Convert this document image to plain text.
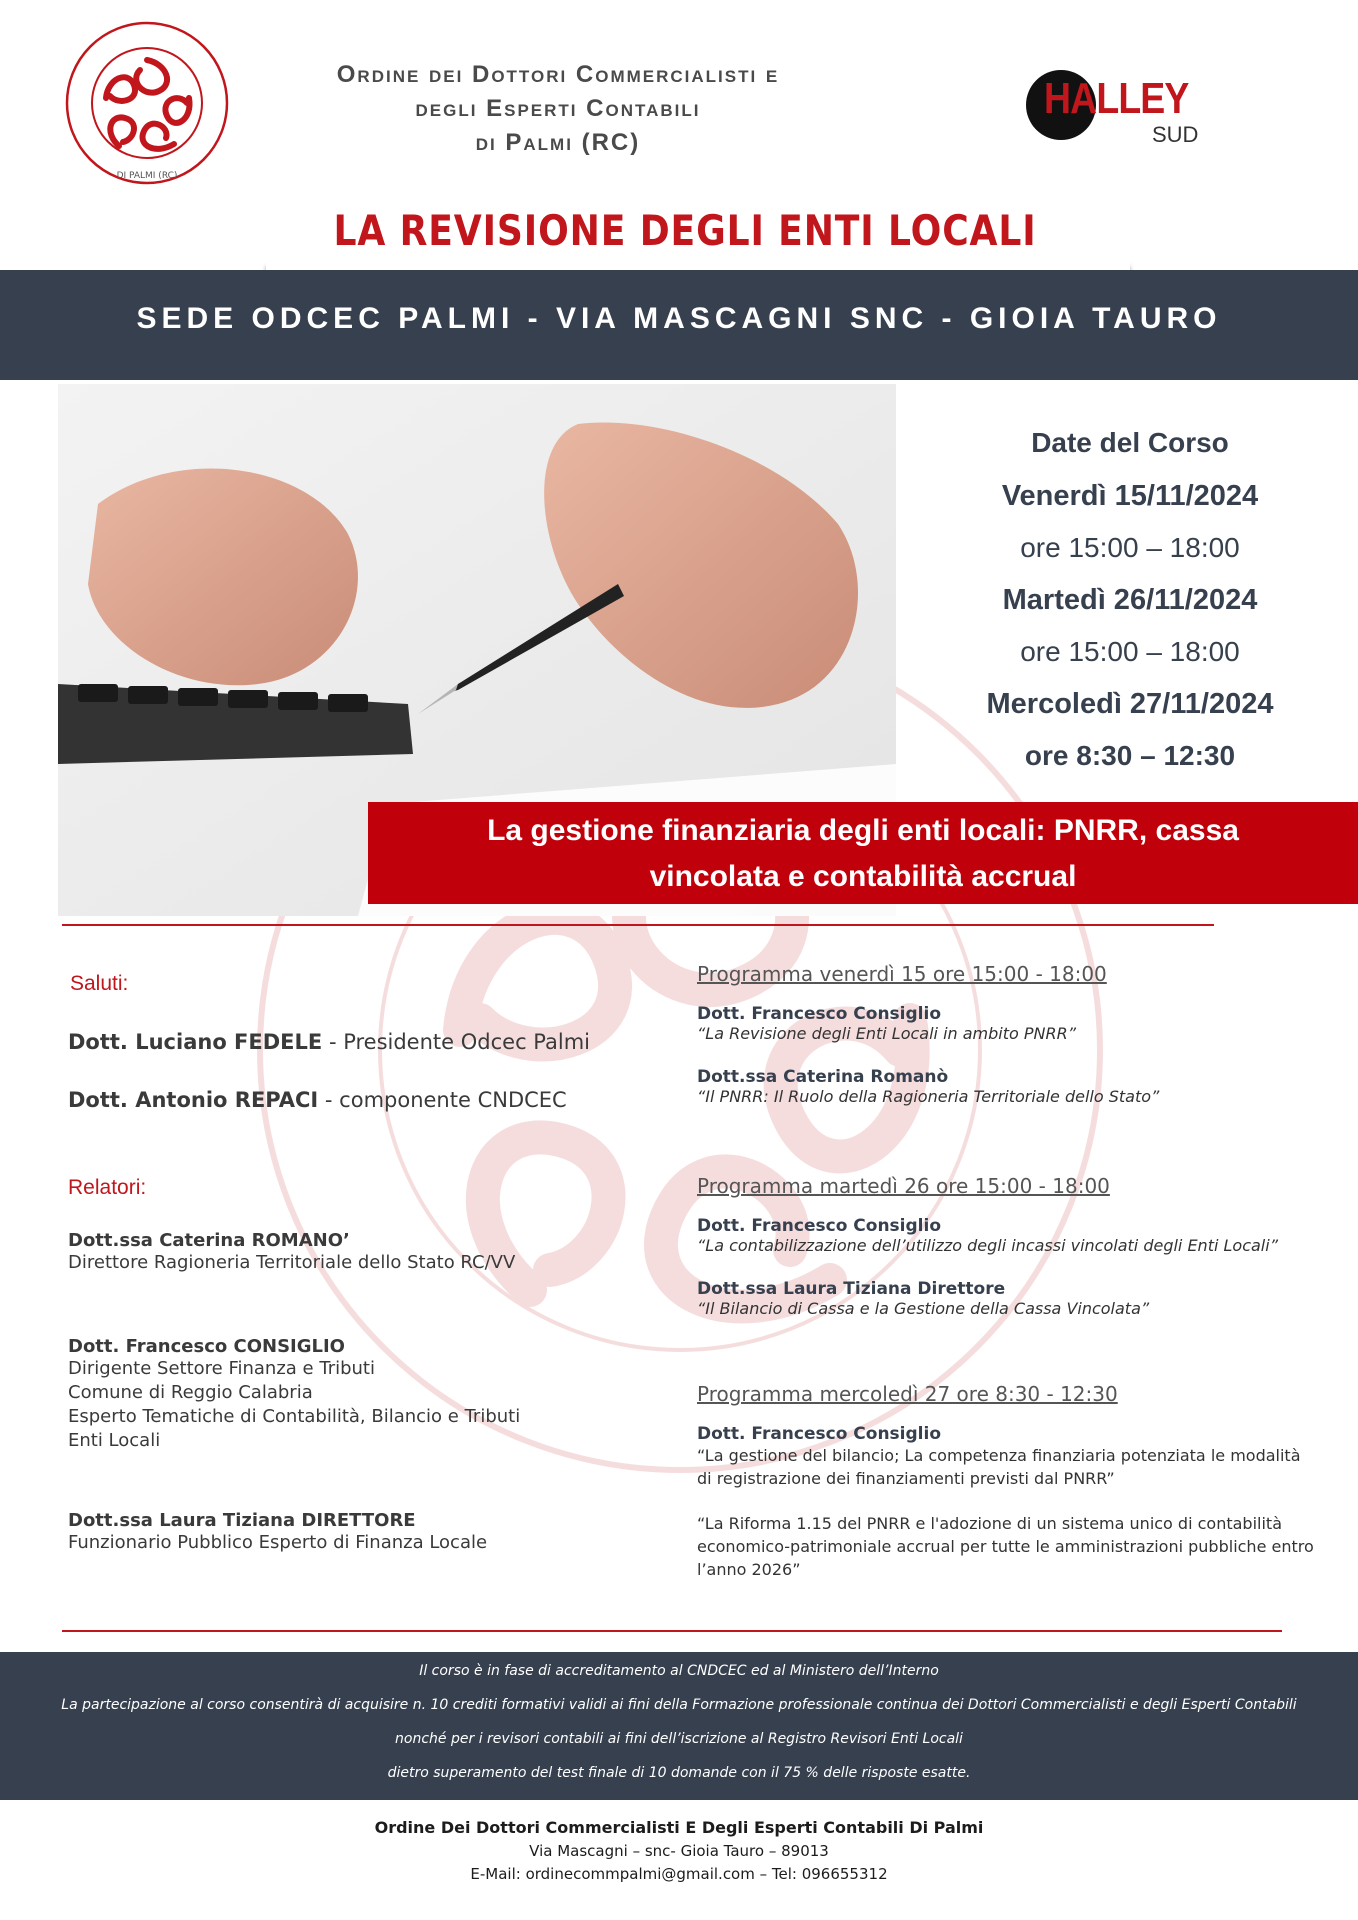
DI PALMI (RC)
Ordine dei Dottori Commercialisti e
degli Esperti Contabili
di Palmi (RC)
HALLEY
SUD
LA REVISIONE DEGLI ENTI LOCALI
SEDE ODCEC PALMI - VIA MASCAGNI SNC - GIOIA TAURO
Date del Corso
Venerdì 15/11/2024
ore 15:00 – 18:00
Martedì 26/11/2024
ore 15:00 – 18:00
Mercoledì 27/11/2024
ore 8:30 – 12:30
La gestione finanziaria degli enti locali: PNRR, cassa
vincolata e contabilità accrual
Saluti:
Dott. Luciano FEDELE - Presidente Odcec Palmi
Dott. Antonio REPACI - componente CNDCEC
Relatori:
Dott.ssa Caterina ROMANO’
Direttore Ragioneria Territoriale dello Stato RC/VV
Dott. Francesco CONSIGLIO
Dirigente Settore Finanza e Tributi
Comune di Reggio Calabria
Esperto Tematiche di Contabilità, Bilancio e Tributi
Enti Locali
Dott.ssa Laura Tiziana DIRETTORE
Funzionario Pubblico Esperto di Finanza Locale
Programma venerdì 15 ore 15:00 - 18:00
Dott. Francesco Consiglio
“La Revisione degli Enti Locali in ambito PNRR”
Dott.ssa Caterina Romanò
“Il PNRR: Il Ruolo della Ragioneria Territoriale dello Stato”
Programma martedì 26 ore 15:00 - 18:00
Dott. Francesco Consiglio
“La contabilizzazione dell’utilizzo degli incassi vincolati degli Enti Locali”
Dott.ssa Laura Tiziana Direttore
“Il Bilancio di Cassa e la Gestione della Cassa Vincolata”
Programma mercoledì 27 ore 8:30 - 12:30
Dott. Francesco Consiglio
“La gestione del bilancio; La competenza finanziaria potenziata le modalità
di registrazione dei finanziamenti previsti dal PNRR”
“La Riforma 1.15 del PNRR e l'adozione di un sistema unico di contabilità
economico-patrimoniale accrual per tutte le amministrazioni pubbliche entro
l’anno 2026”
Il corso è in fase di accreditamento al CNDCEC ed al Ministero dell’Interno
La partecipazione al corso consentirà di acquisire n. 10 crediti formativi validi ai fini della Formazione professionale continua dei Dottori Commercialisti e degli Esperti Contabili
nonché per i revisori contabili ai fini dell’iscrizione al Registro Revisori Enti Locali
dietro superamento del test finale di 10 domande con il 75 % delle risposte esatte.
Ordine Dei Dottori Commercialisti E Degli Esperti Contabili Di Palmi
Via Mascagni – snc- Gioia Tauro – 89013
E-Mail: ordinecommpalmi@gmail.com – Tel: 096655312
